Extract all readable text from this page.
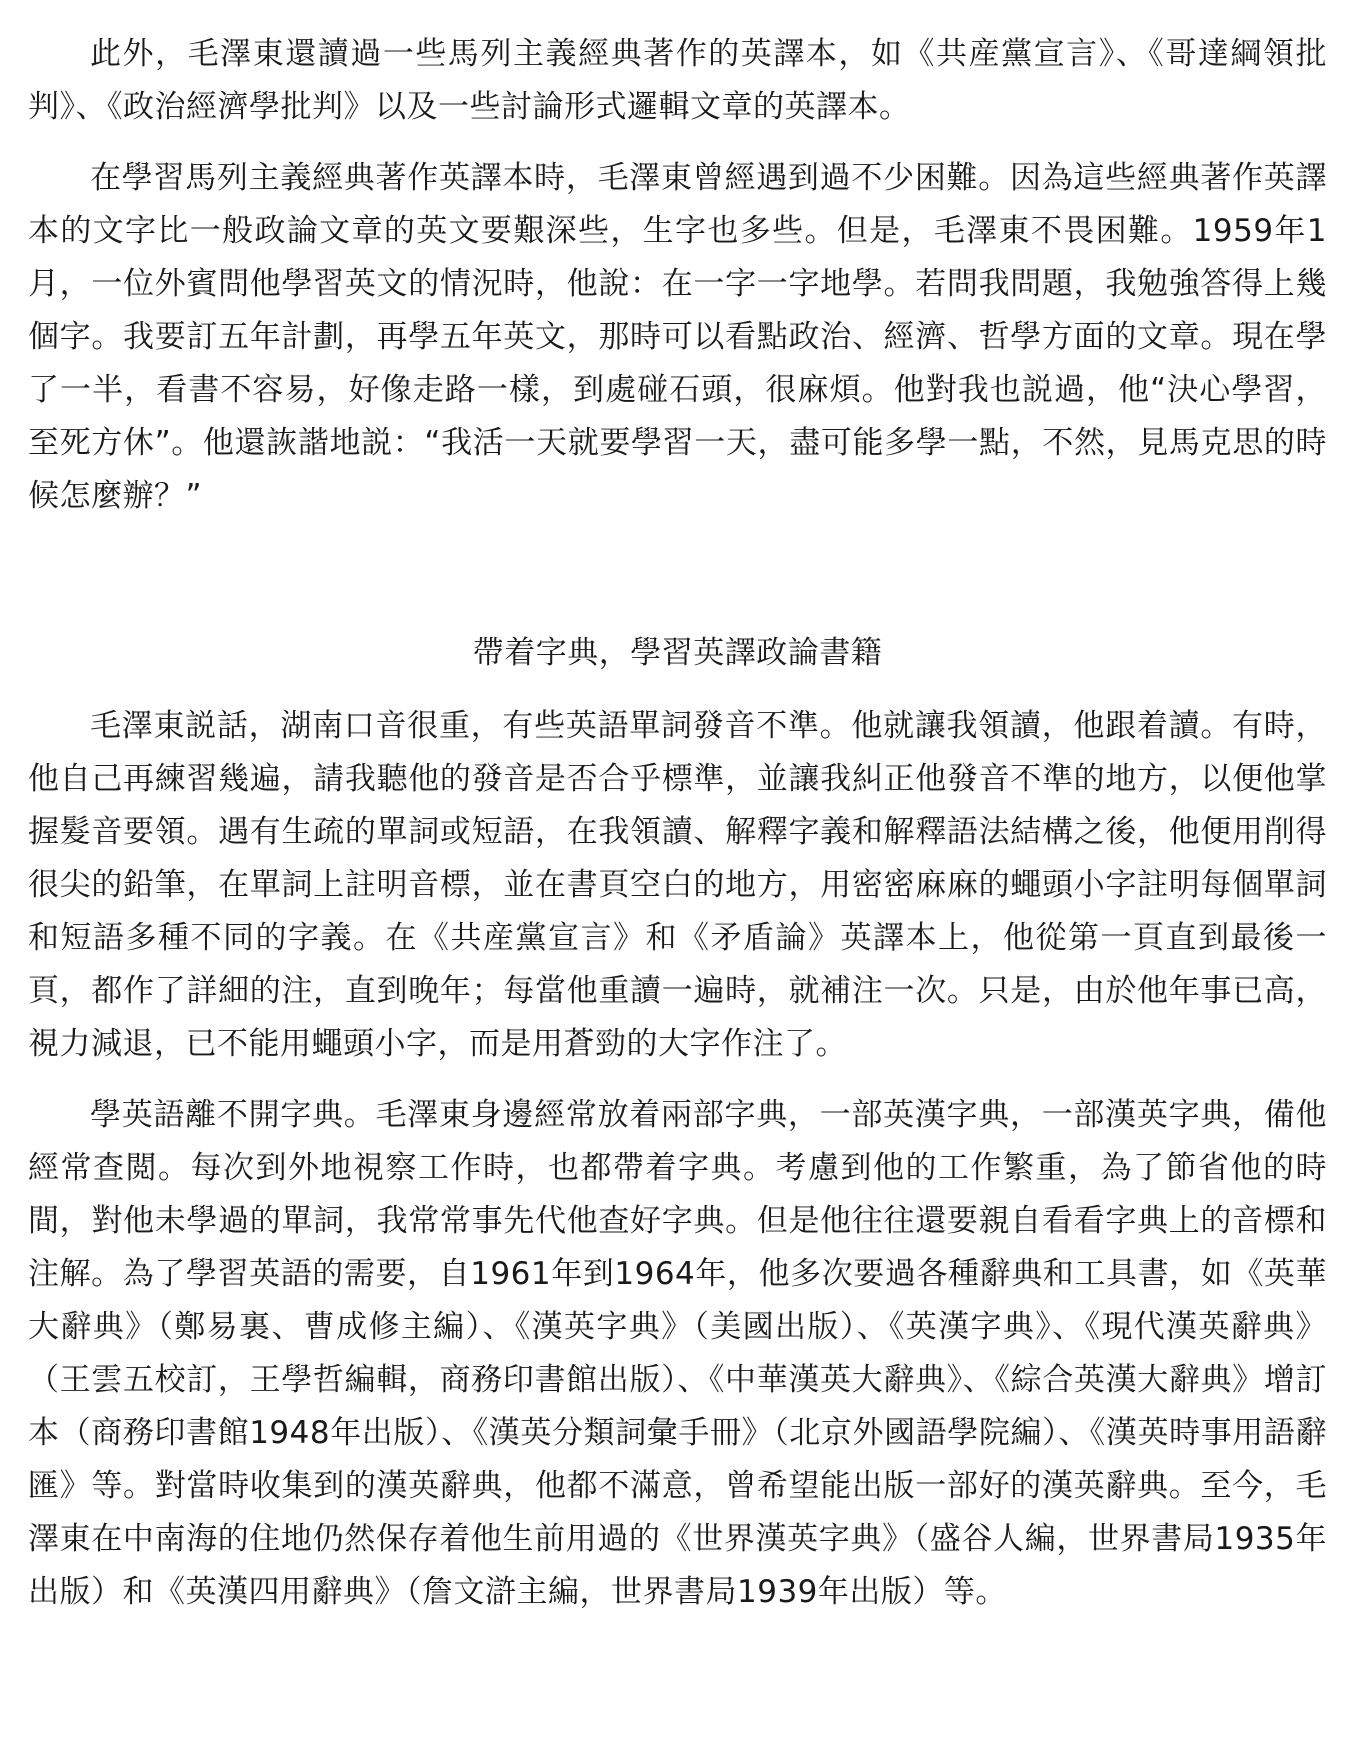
此外，毛澤東還讀過一些馬列主義經典著作的英譯本，如《共産黨宣言》、《哥達綱領批判》、《政治經濟學批判》以及一些討論形式邏輯文章的英譯本。

在學習馬列主義經典著作英譯本時，毛澤東曾經遇到過不少困難。因為這些經典著作英譯本的文字比一般政論文章的英文要艱深些，生字也多些。但是，毛澤東不畏困難。1959年1月，一位外賓問他學習英文的情況時，他說：在一字一字地學。若問我問題，我勉強答得上幾個字。我要訂五年計劃，再學五年英文，那時可以看點政治、經濟、哲學方面的文章。現在學了一半，看書不容易，好像走路一樣，到處碰石頭，很麻煩。他對我也説過，他“決心學習，至死方休”。他還詼諧地説：“我活一天就要學習一天，盡可能多學一點，不然，見馬克思的時候怎麼辦？”

帶着字典，學習英譯政論書籍

毛澤東説話，湖南口音很重，有些英語單詞發音不準。他就讓我領讀，他跟着讀。有時，他自己再練習幾遍，請我聽他的發音是否合乎標準，並讓我糾正他發音不準的地方，以便他掌握髮音要領。遇有生疏的單詞或短語，在我領讀、解釋字義和解釋語法結構之後，他便用削得很尖的鉛筆，在單詞上註明音標，並在書頁空白的地方，用密密麻麻的蠅頭小字註明每個單詞和短語多種不同的字義。在《共産黨宣言》和《矛盾論》英譯本上，他從第一頁直到最後一頁，都作了詳細的注，直到晚年；每當他重讀一遍時，就補注一次。只是，由於他年事已高，視力減退，已不能用蠅頭小字，而是用蒼勁的大字作注了。

學英語離不開字典。毛澤東身邊經常放着兩部字典，一部英漢字典，一部漢英字典，備他經常查閲。每次到外地視察工作時，也都帶着字典。考慮到他的工作繁重，為了節省他的時間，對他未學過的單詞，我常常事先代他查好字典。但是他往往還要親自看看字典上的音標和注解。為了學習英語的需要，自1961年到1964年，他多次要過各種辭典和工具書，如《英華大辭典》（鄭易裏、曹成修主編）、《漢英字典》（美國出版）、《英漢字典》、《現代漢英辭典》（王雲五校訂，王學哲編輯，商務印書館出版）、《中華漢英大辭典》、《綜合英漢大辭典》增訂本（商務印書館1948年出版）、《漢英分類詞彙手冊》（北京外國語學院編）、《漢英時事用語辭匯》等。對當時收集到的漢英辭典，他都不滿意，曾希望能出版一部好的漢英辭典。至今，毛澤東在中南海的住地仍然保存着他生前用過的《世界漢英字典》（盛谷人編，世界書局1935年出版）和《英漢四用辭典》（詹文滸主編，世界書局1939年出版）等。
